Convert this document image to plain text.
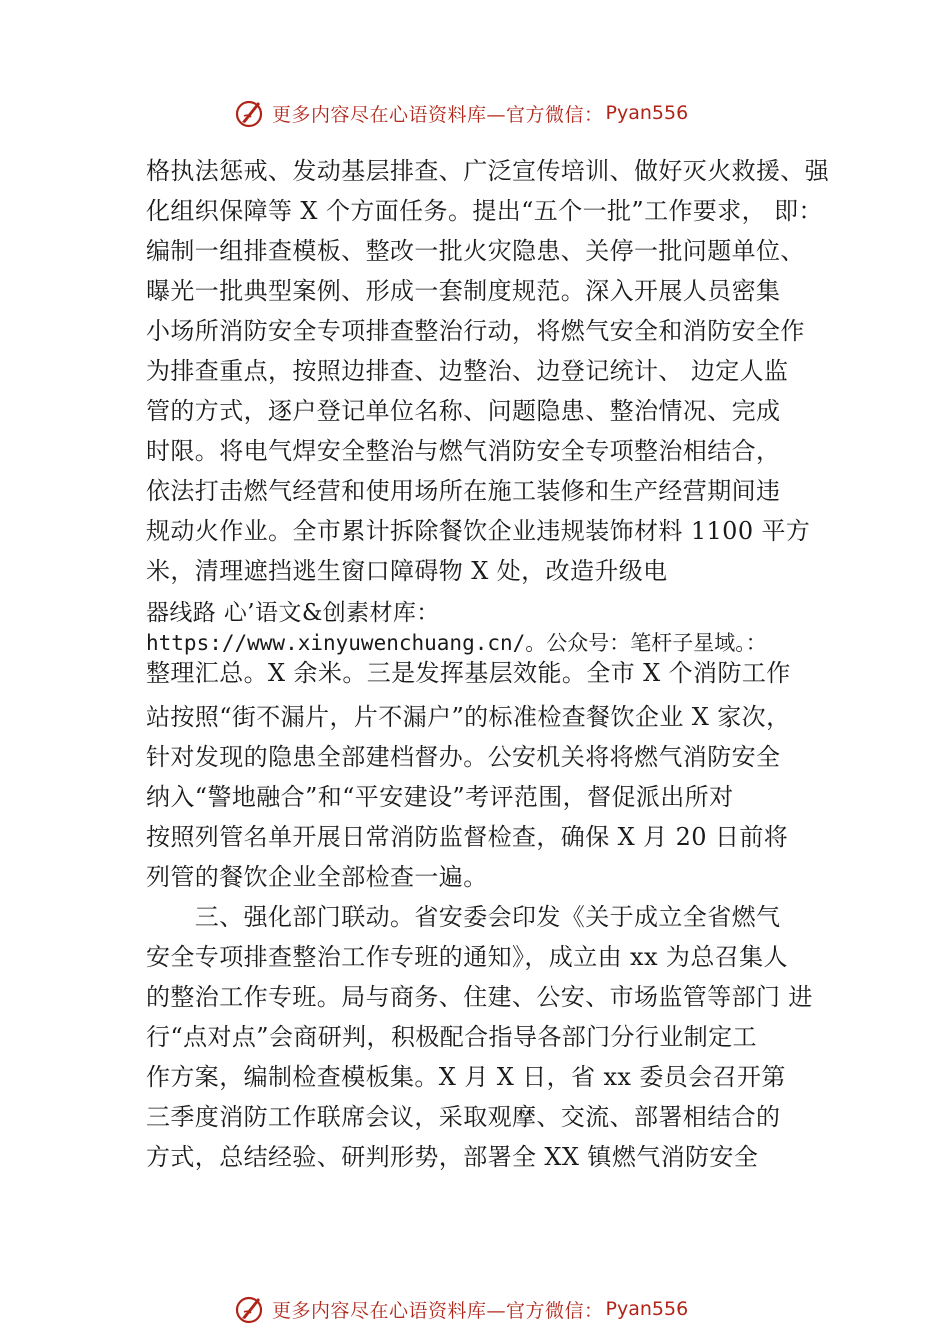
更多内容尽在心语资料库—官方微信： Pyan556
格执法惩戒、发动基层排查、广泛宣传培训、做好灭火救援、强
化组织保障等 X 个方面任务。提出“五个一批”工作要求， 即：
编制一组排查模板、整改一批火灾隐患、关停一批问题单位、
曝光一批典型案例、形成一套制度规范。深入开展人员密集
小场所消防安全专项排查整治行动，将燃气安全和消防安全作
为排查重点，按照边排查、边整治、边登记统计、 边定人监
管的方式，逐户登记单位名称、问题隐患、整治情况、完成
时限。将电气焊安全整治与燃气消防安全专项整治相结合，
依法打击燃气经营和使用场所在施工装修和生产经营期间违
规动火作业。全市累计拆除餐饮企业违规装饰材料 1100 平方
米，清理遮挡逃生窗口障碍物 X 处，改造升级电
器线路 心’语文&创素材库：
https://www.xinyuwenchuang.cn/。公众号：笔杆子星域。：
整理汇总。X 余米。三是发挥基层效能。全市 X 个消防工作
站按照“街不漏片，片不漏户”的标准检查餐饮企业 X 家次，
针对发现的隐患全部建档督办。公安机关将将燃气消防安全
纳入“警地融合”和“平安建设”考评范围，督促派出所对
按照列管名单开展日常消防监督检查，确保 X 月 20 日前将
列管的餐饮企业全部检查一遍。
　　三、强化部门联动。省安委会印发《关于成立全省燃气
安全专项排查整治工作专班的通知》，成立由 xx 为总召集人
的整治工作专班。局与商务、住建、公安、市场监管等部门 进
行“点对点”会商研判，积极配合指导各部门分行业制定工
作方案，编制检查模板集。X 月 X 日，省 xx 委员会召开第
三季度消防工作联席会议，采取观摩、交流、部署相结合的
方式，总结经验、研判形势，部署全 XX 镇燃气消防安全
更多内容尽在心语资料库—官方微信： Pyan556
